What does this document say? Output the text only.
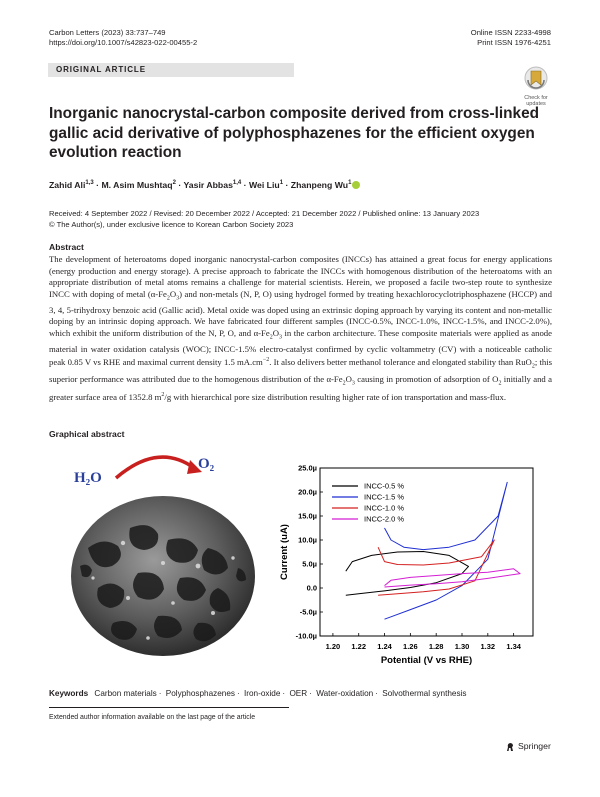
Carbon Letters (2023) 33:737–749
https://doi.org/10.1007/s42823-022-00455-2
Online ISSN 2233-4998
Print ISSN 1976-4251
ORIGINAL ARTICLE
Check for
updates
Inorganic nanocrystal-carbon composite derived from cross-linked gallic acid derivative of polyphosphazenes for the efficient oxygen evolution reaction
Zahid Ali$^{1,3}$ · M. Asim Mushtaq$^2$ · Yasir Abbas$^{1,4}$ · Wei Liu$^1$ · Zhanpeng Wu$^1$
Received: 4 September 2022 / Revised: 20 December 2022 / Accepted: 21 December 2022 / Published online: 13 January 2023
© The Author(s), under exclusive licence to Korean Carbon Society 2023
Abstract
The development of heteroatoms doped inorganic nanocrystal-carbon composites (INCCs) has attained a great focus for energy applications (energy production and energy storage). A precise approach to fabricate the INCCs with homogenous distribution of the heteroatoms with an appropriate distribution of metal atoms remains a challenge for material scientists. Herein, we proposed a facile two-step route to synthesize INCC with doping of metal $(\alpha-Fe_2O_3)$ and non-metals (N, P, O) using hydrogel formed by treating hexachlorocyclotriphosphazene (HCCP) and 3, 4, 5-trihydroxy benzoic acid (Gallic acid). Metal oxide was doped using an extrinsic doping approach by varying its content and non-metallic doping by an intrinsic doping approach. We have fabricated four different samples (INCC-0.5%, INCC-1.0%, INCC-1.5%, and INCC-2.0%), which exhibit the uniform distribution of the N, P, O, and $\alpha-Fe_2O_3$ in the carbon architecture. These composite materials were applied as anode material in water oxidation catalysis (WOC); INCC-1.5% electro-catalyst confirmed by cyclic voltammetry (CV) with a noticeable catholic peak 0.85 V vs RHE and maximal current density 1.5 $mA.cm^{-2}$. It also delivers better methanol tolerance and elongated stability than RuO$_2$; this superior performance was attributed due to the homogenous distribution of the $\alpha-Fe_2O_3$ causing in promotion of adsorption of $O_2$ initially and a greater surface area of 1352.8 $m^2/g$ with hierarchical pore size distribution resulting higher rate of ion transportation and mass-flux.
Graphical abstract
H₂O
O₂
-10.0µ
-5.0µ
0.0
5.0µ
10.0µ
15.0µ
20.0µ
25.0µ
1.20 1.22 1.24 1.26 1.28 1.30 1.32 1.34
Potential (V vs RHE)
Current (uA)
INCC-0.5 %
INCC-1.5 %
INCC-1.0 %
INCC-2.0 %
Keywords Carbon materials · Polyphosphazenes · Iron-oxide · OER · Water-oxidation · Solvothermal synthesis
Extended author information available on the last page of the article
Springer
